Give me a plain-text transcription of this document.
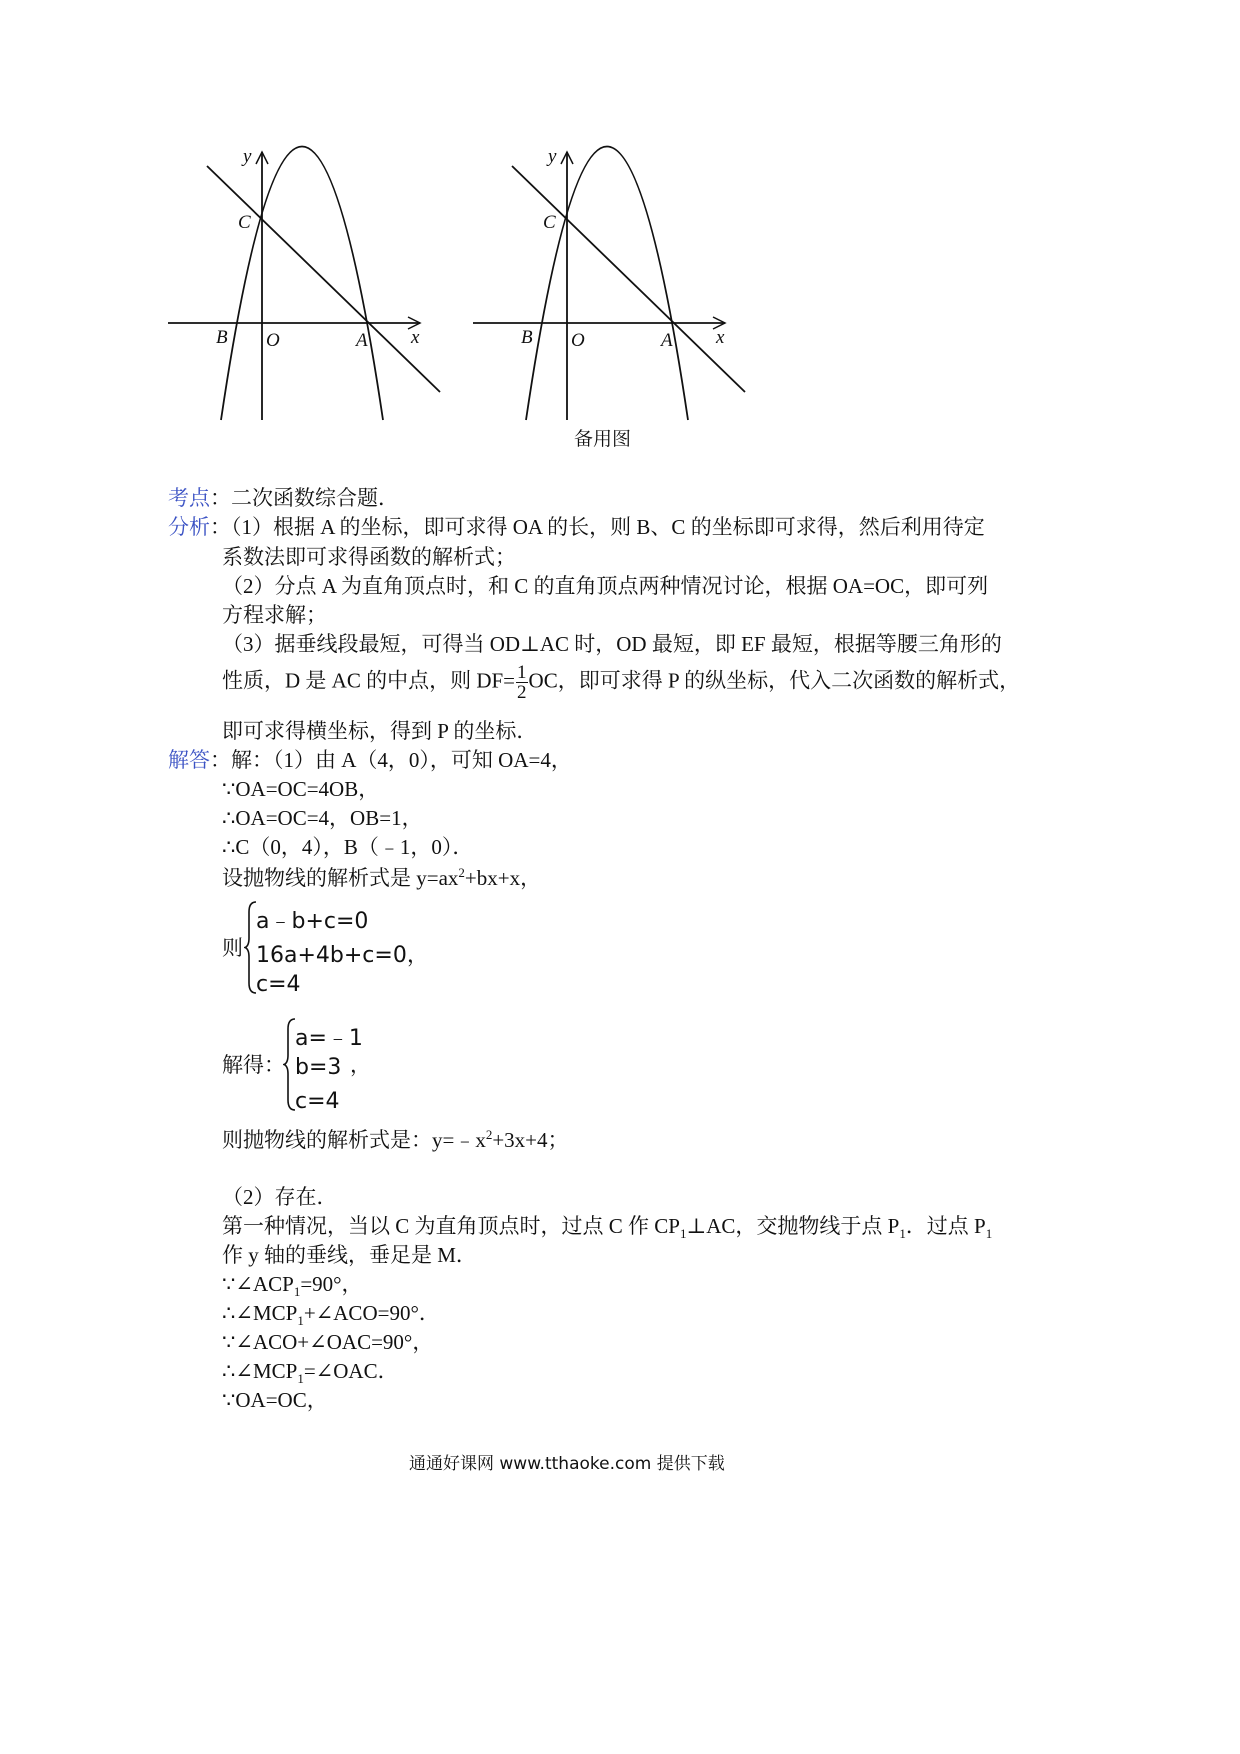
y
C
B O	A x
y
C
B O	A x
备用图
考点：二次函数综合题．
分析：（1）根据 A 的坐标，即可求得 OA 的长，则 B、C 的坐标即可求得，然后利用待定
系数法即可求得函数的解析式；
（2）分点 A 为直角顶点时，和 C 的直角顶点两种情况讨论，根据 OA=OC，即可列
方程求解；
（3）据垂线段最短，可得当 OD⊥AC 时，OD 最短，即 EF 最短，根据等腰三角形的
性质，D 是 AC 的中点，则 $DF= \frac{1}{2}$ OC，即可求得 P 的纵坐标，代入二次函数的解析式，
即可求得横坐标，得到 P 的坐标．
解答：解：（1）由 A（4，0），可知 OA=4，
∵OA=OC=4OB，
∴OA=OC=4，OB=1，
∴C（0，4），B（﹣1，0）．
设抛物线的解析式是 $y=ax^2+bx+x$，
则
a﹣b+c=0
16a+4b+c=0，
c=4
解得：
a=﹣1
b=3
c=4
，
则抛物线的解析式是：$y=﹣x^2+3x+4$；
（2）存在．
第一种情况，当以 C 为直角顶点时，过点 C 作 $CP_1\perp AC$，交抛物线于点 $P_1$．过点 $P_1$
作 y 轴的垂线，垂足是 M．
$\because\angle ACP_1=90^\circ$，
$\therefore\angle MCP_1+\angle ACO=90^\circ$．
∵∠ACO+∠OAC=90°，
$\therefore\angle MCP_1=\angle OAC$．
∵OA=OC，
通通好课网 www.tthaoke.com 提供下载
